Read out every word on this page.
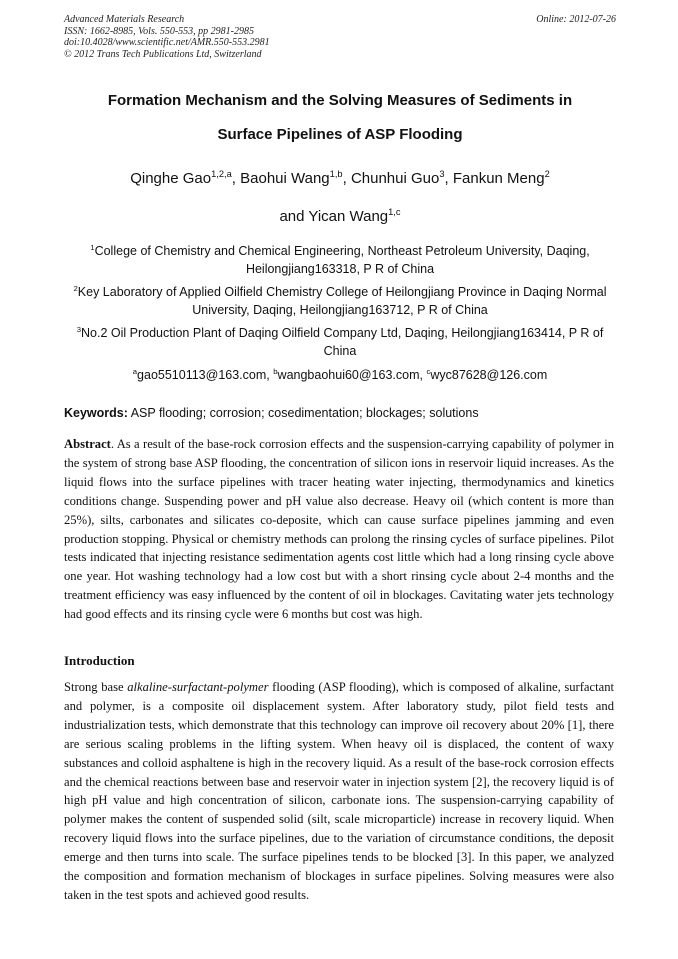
Advanced Materials Research
ISSN: 1662-8985, Vols. 550-553, pp 2981-2985
doi:10.4028/www.scientific.net/AMR.550-553.2981
© 2012 Trans Tech Publications Ltd, Switzerland
Online: 2012-07-26
Formation Mechanism and the Solving Measures of Sediments in
Surface Pipelines of ASP Flooding
Qinghe Gao$^{1,2,a}$, Baohui Wang$^{1,b}$, Chunhui Guo$^3$, Fankun Meng$^2$
and Yican Wang$^{1,c}$
$^1$College of Chemistry and Chemical Engineering, Northeast Petroleum University, Daqing, Heilongjiang163318, P R of China
$^2$Key Laboratory of Applied Oilfield Chemistry College of Heilongjiang Province in Daqing Normal University, Daqing, Heilongjiang163712, P R of China
$^3$No.2 Oil Production Plant of Daqing Oilfield Company Ltd, Daqing, Heilongjiang163414, P R of China
$^a$gao5510113@163.com, $^b$wangbaohui60@163.com, $^c$wyc87628@126.com
Keywords: ASP flooding; corrosion; cosedimentation; blockages; solutions
Abstract. As a result of the base-rock corrosion effects and the suspension-carrying capability of polymer in the system of strong base ASP flooding, the concentration of silicon ions in reservoir liquid increases. As the liquid flows into the surface pipelines with tracer heating water injecting, thermodynamics and kinetics conditions change. Suspending power and pH value also decrease. Heavy oil (which content is more than 25%), silts, carbonates and silicates co-deposite, which can cause surface pipelines jamming and even production stopping. Physical or chemistry methods can prolong the rinsing cycles of surface pipelines. Pilot tests indicated that injecting resistance sedimentation agents cost little which had a long rinsing cycle above one year. Hot washing technology had a low cost but with a short rinsing cycle about 2-4 months and the treatment efficiency was easy influenced by the content of oil in blockages. Cavitating water jets technology had good effects and its rinsing cycle were 6 months but cost was high.
Introduction
Strong base alkaline-surfactant-polymer flooding (ASP flooding), which is composed of alkaline, surfactant and polymer, is a composite oil displacement system. After laboratory study, pilot field tests and industrialization tests, which demonstrate that this technology can improve oil recovery about 20% [1], there are serious scaling problems in the lifting system. When heavy oil is displaced, the content of waxy substances and colloid asphaltene is high in the recovery liquid. As a result of the base-rock corrosion effects and the chemical reactions between base and reservoir water in injection system [2], the recovery liquid is of high pH value and high concentration of silicon, carbonate ions. The suspension-carrying capability of polymer makes the content of suspended solid (silt, scale microparticle) increase in recovery liquid. When recovery liquid flows into the surface pipelines, due to the variation of circumstance conditions, the deposit emerge and then turns into scale. The surface pipelines tends to be blocked [3]. In this paper, we analyzed the composition and formation mechanism of blockages in surface pipelines. Solving measures were also taken in the test spots and achieved good results.
